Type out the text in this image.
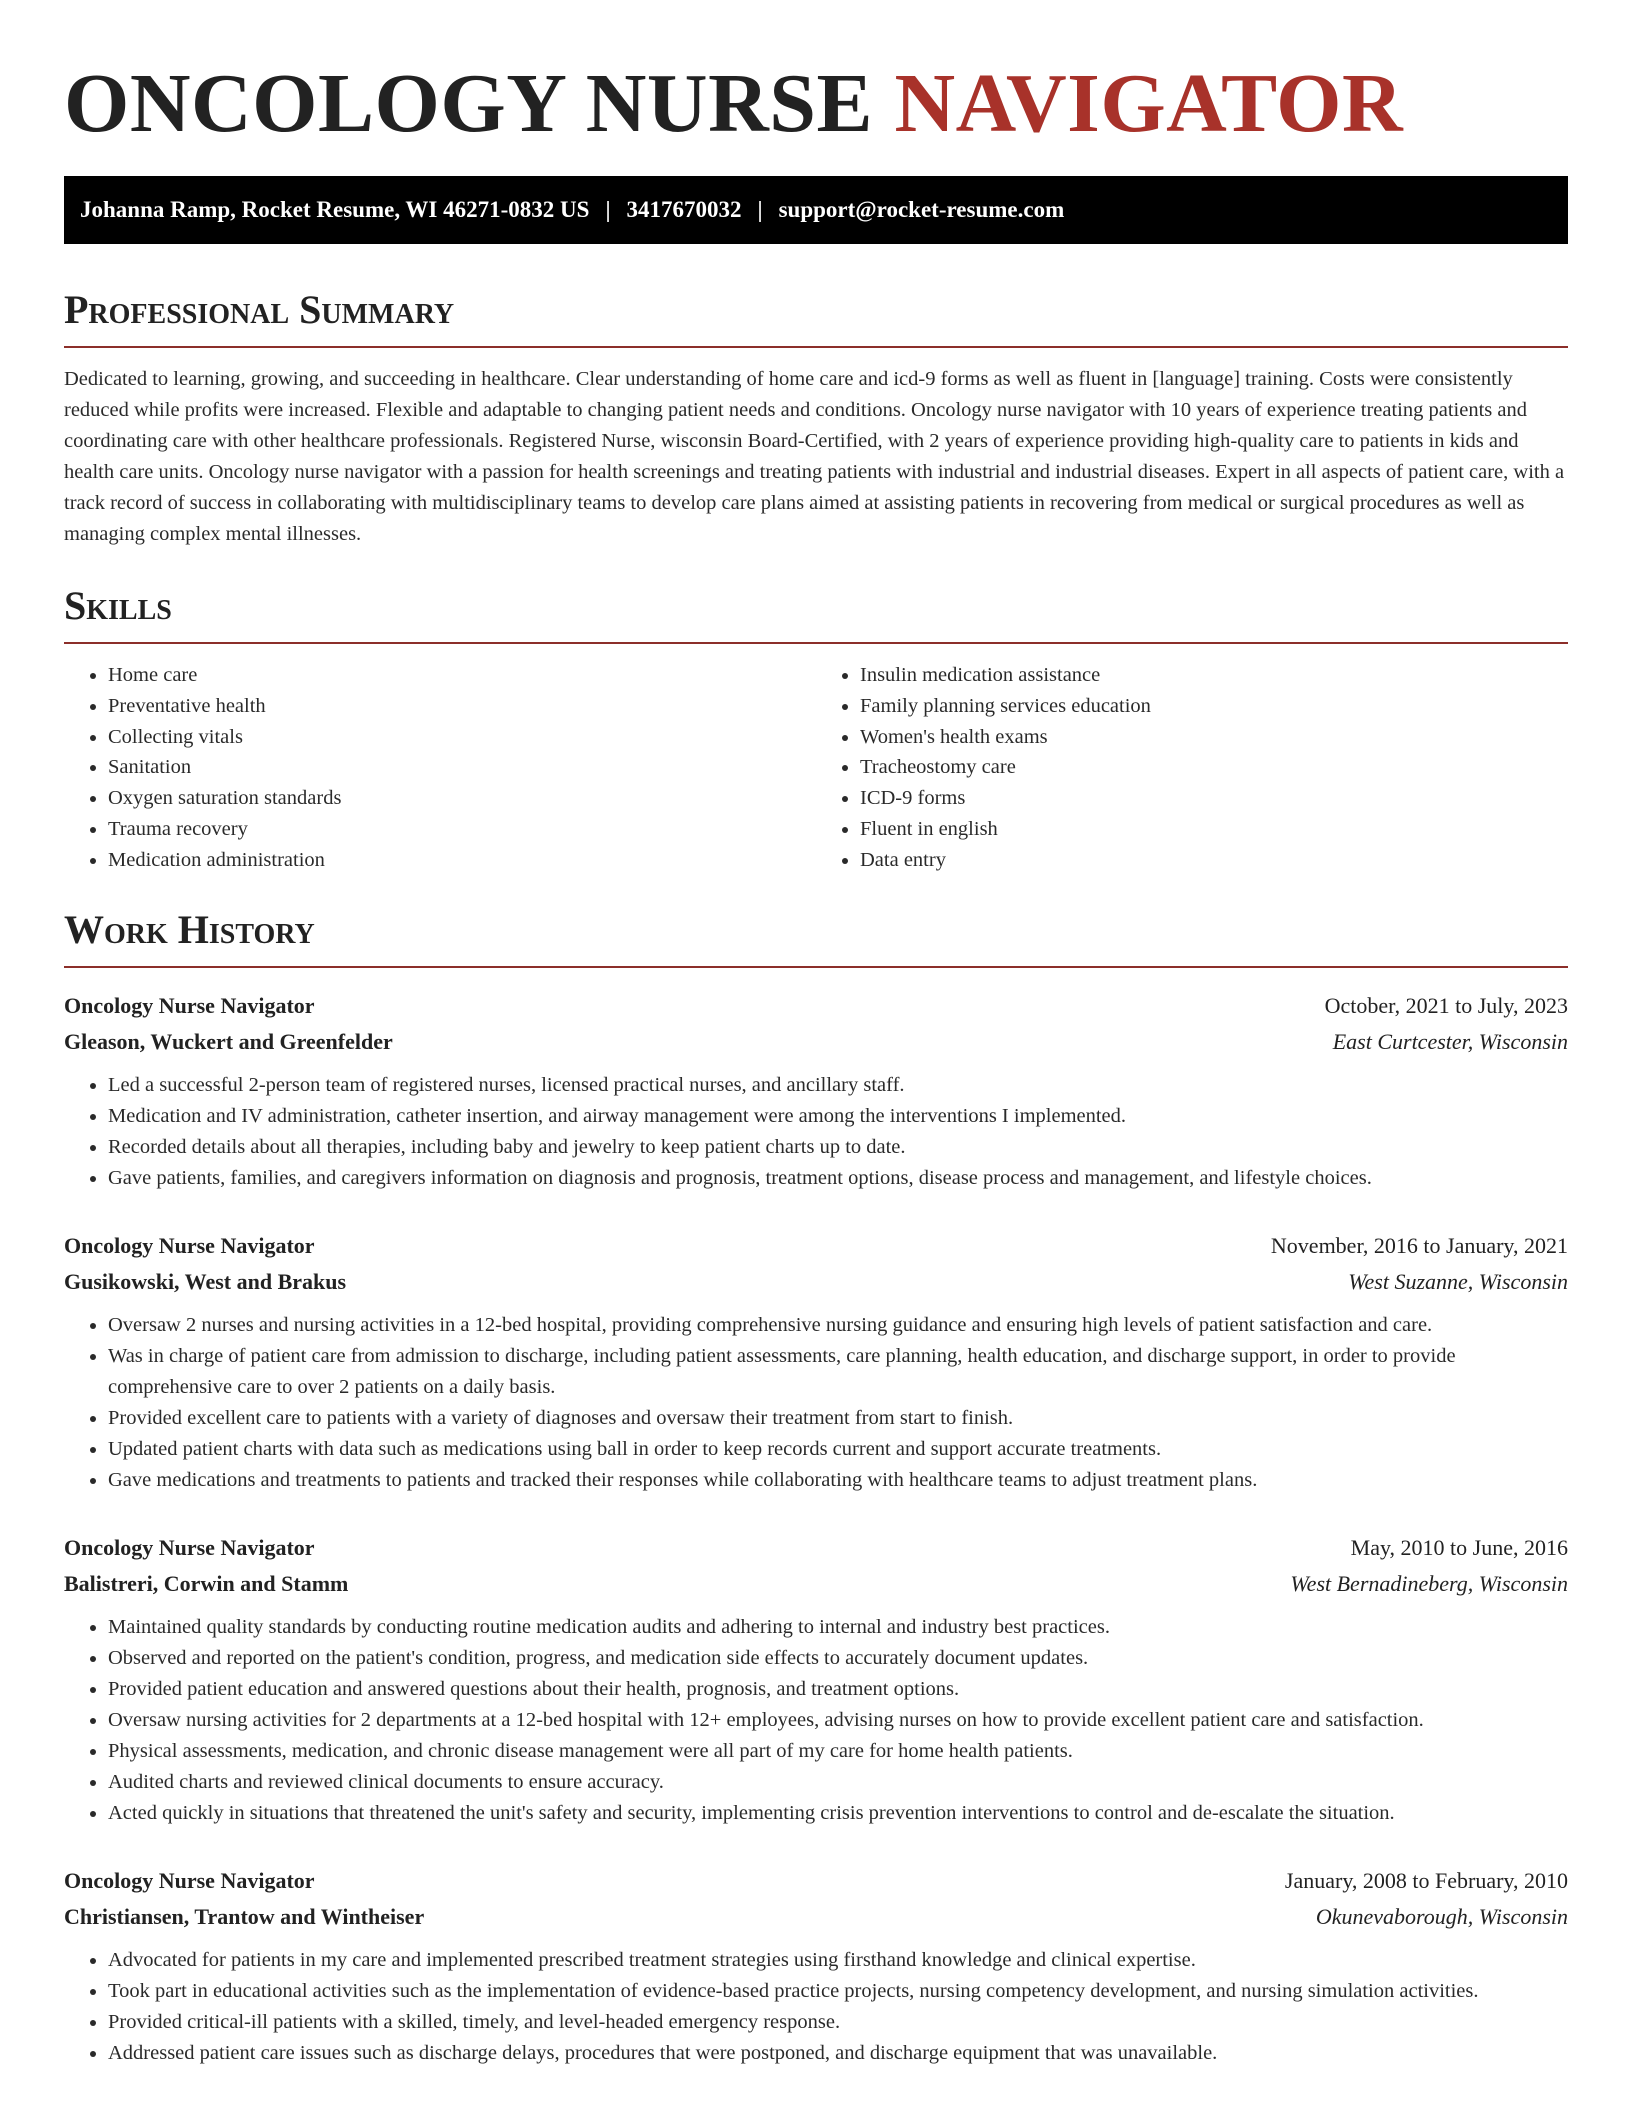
ONCOLOGY NURSE NAVIGATOR
Johanna Ramp, Rocket Resume, WI 46271-0832 US | 3417670032 | support@rocket-resume.com
Professional Summary

Dedicated to learning, growing, and succeeding in healthcare. Clear understanding of home care and icd-9 forms as well as fluent in [language] training. Costs were consistently reduced while profits were increased. Flexible and adaptable to changing patient needs and conditions. Oncology nurse navigator with 10 years of experience treating patients and coordinating care with other healthcare professionals. Registered Nurse, wisconsin Board-Certified, with 2 years of experience providing high-quality care to patients in kids and health care units. Oncology nurse navigator with a passion for health screenings and treating patients with industrial and industrial diseases. Expert in all aspects of patient care, with a track record of success in collaborating with multidisciplinary teams to develop care plans aimed at assisting patients in recovering from medical or surgical procedures as well as managing complex mental illnesses.

Skills
• Home care
• Preventative health
• Collecting vitals
• Sanitation
• Oxygen saturation standards
• Trauma recovery
• Medication administration
• Insulin medication assistance
• Family planning services education
• Women's health exams
• Tracheostomy care
• ICD-9 forms
• Fluent in english
• Data entry
Work History
Oncology Nurse Navigator	October, 2021 to July, 2023
Gleason, Wuckert and Greenfelder	East Curtcester, Wisconsin
• Led a successful 2-person team of registered nurses, licensed practical nurses, and ancillary staff.
• Medication and IV administration, catheter insertion, and airway management were among the interventions I implemented.
• Recorded details about all therapies, including baby and jewelry to keep patient charts up to date.
• Gave patients, families, and caregivers information on diagnosis and prognosis, treatment options, disease process and management, and lifestyle choices.
Oncology Nurse Navigator	November, 2016 to January, 2021
Gusikowski, West and Brakus	West Suzanne, Wisconsin
• Oversaw 2 nurses and nursing activities in a 12-bed hospital, providing comprehensive nursing guidance and ensuring high levels of patient satisfaction and care.
• Was in charge of patient care from admission to discharge, including patient assessments, care planning, health education, and discharge support, in order to provide comprehensive care to over 2 patients on a daily basis.
• Provided excellent care to patients with a variety of diagnoses and oversaw their treatment from start to finish.
• Updated patient charts with data such as medications using ball in order to keep records current and support accurate treatments.
• Gave medications and treatments to patients and tracked their responses while collaborating with healthcare teams to adjust treatment plans.
Oncology Nurse Navigator	May, 2010 to June, 2016
Balistreri, Corwin and Stamm	West Bernadineberg, Wisconsin
• Maintained quality standards by conducting routine medication audits and adhering to internal and industry best practices.
• Observed and reported on the patient's condition, progress, and medication side effects to accurately document updates.
• Provided patient education and answered questions about their health, prognosis, and treatment options.
• Oversaw nursing activities for 2 departments at a 12-bed hospital with 12+ employees, advising nurses on how to provide excellent patient care and satisfaction.
• Physical assessments, medication, and chronic disease management were all part of my care for home health patients.
• Audited charts and reviewed clinical documents to ensure accuracy.
• Acted quickly in situations that threatened the unit's safety and security, implementing crisis prevention interventions to control and de-escalate the situation.
Oncology Nurse Navigator	January, 2008 to February, 2010
Christiansen, Trantow and Wintheiser	Okunevaborough, Wisconsin
• Advocated for patients in my care and implemented prescribed treatment strategies using firsthand knowledge and clinical expertise.
• Took part in educational activities such as the implementation of evidence-based practice projects, nursing competency development, and nursing simulation activities.
• Provided critical-ill patients with a skilled, timely, and level-headed emergency response.
• Addressed patient care issues such as discharge delays, procedures that were postponed, and discharge equipment that was unavailable.
